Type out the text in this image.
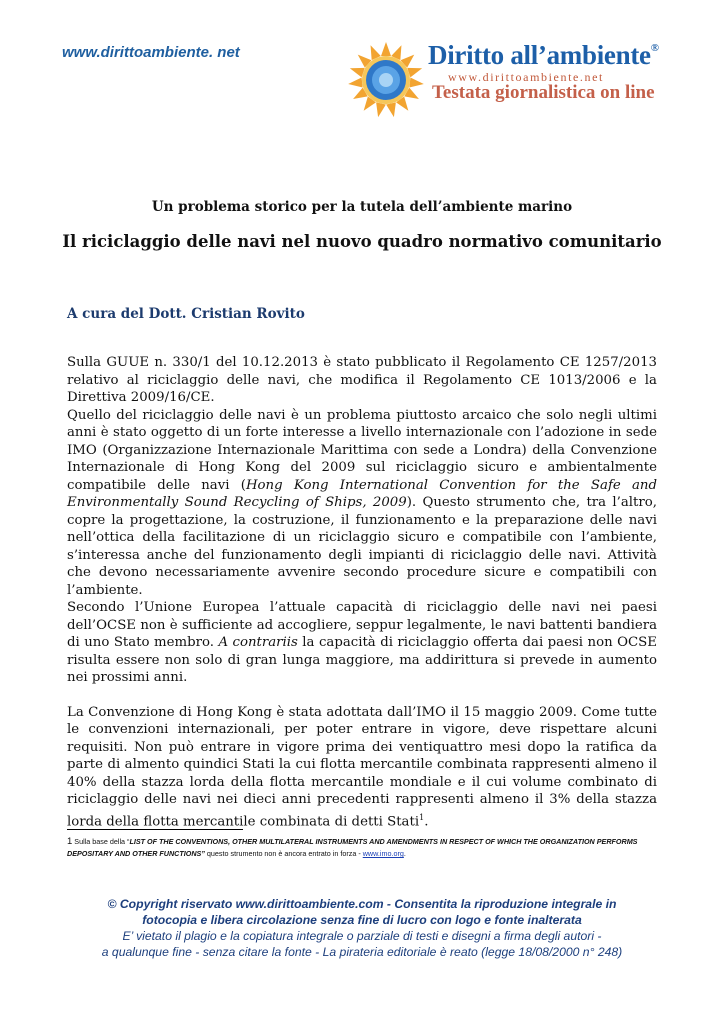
www.dirittoambiente. net	Diritto all’ambiente®
www.dirittoambiente.net
Testata giornalistica on line
Un problema storico per la tutela dell’ambiente marino
Il riciclaggio delle navi nel nuovo quadro normativo comunitario
A cura del Dott. Cristian Rovito

Sulla GUUE n. 330/1 del 10.12.2013 è stato pubblicato il Regolamento CE 1257/2013 relativo al riciclaggio delle navi, che modifica il Regolamento CE 1013/2006 e la Direttiva 2009/16/CE.

Quello del riciclaggio delle navi è un problema piuttosto arcaico che solo negli ultimi anni è stato oggetto di un forte interesse a livello internazionale con l’adozione in sede IMO (Organizzazione Internazionale Marittima con sede a Londra) della Convenzione Internazionale di Hong Kong del 2009 sul riciclaggio sicuro e ambientalmente compatibile delle navi (Hong Kong International Convention for the Safe and Environmentally Sound Recycling of Ships, 2009). Questo strumento che, tra l’altro, copre la progettazione, la costruzione, il funzionamento e la preparazione delle navi nell’ottica della facilitazione di un riciclaggio sicuro e compatibile con l’ambiente, s’interessa anche del funzionamento degli impianti di riciclaggio delle navi. Attività che devono necessariamente avvenire secondo procedure sicure e compatibili con l’ambiente.

Secondo l’Unione Europea l’attuale capacità di riciclaggio delle navi nei paesi dell’OCSE non è sufficiente ad accogliere, seppur legalmente, le navi battenti bandiera di uno Stato membro. A contrariis la capacità di riciclaggio offerta dai paesi non OCSE risulta essere non solo di gran lunga maggiore, ma addirittura si prevede in aumento nei prossimi anni.

La Convenzione di Hong Kong è stata adottata dall’IMO il 15 maggio 2009. Come tutte le convenzioni internazionali, per poter entrare in vigore, deve rispettare alcuni requisiti. Non può entrare in vigore prima dei ventiquattro mesi dopo la ratifica da parte di almento quindici Stati la cui flotta mercantile combinata rappresenti almeno il 40% della stazza lorda della flotta mercantile mondiale e il cui volume combinato di riciclaggio delle navi nei dieci anni precedenti rappresenti almeno il 3% della stazza lorda della flotta mercantile combinata di detti Stati$^1$.

1 Sulla base della “LIST OF THE CONVENTIONS, OTHER MULTILATERAL INSTRUMENTS AND AMENDMENTS IN RESPECT OF WHICH THE ORGANIZATION PERFORMS DEPOSITARY AND OTHER FUNCTIONS” questo strumento non è ancora entrato in forza - www.imo.org.
© Copyright riservato www.dirittoambiente.com - Consentita la riproduzione integrale in
fotocopia e libera circolazione senza fine di lucro con logo e fonte inalterata
E’ vietato il plagio e la copiatura integrale o parziale di testi e disegni a firma degli autori -
a qualunque fine - senza citare la fonte - La pirateria editoriale è reato (legge 18/08/2000 n° 248)
